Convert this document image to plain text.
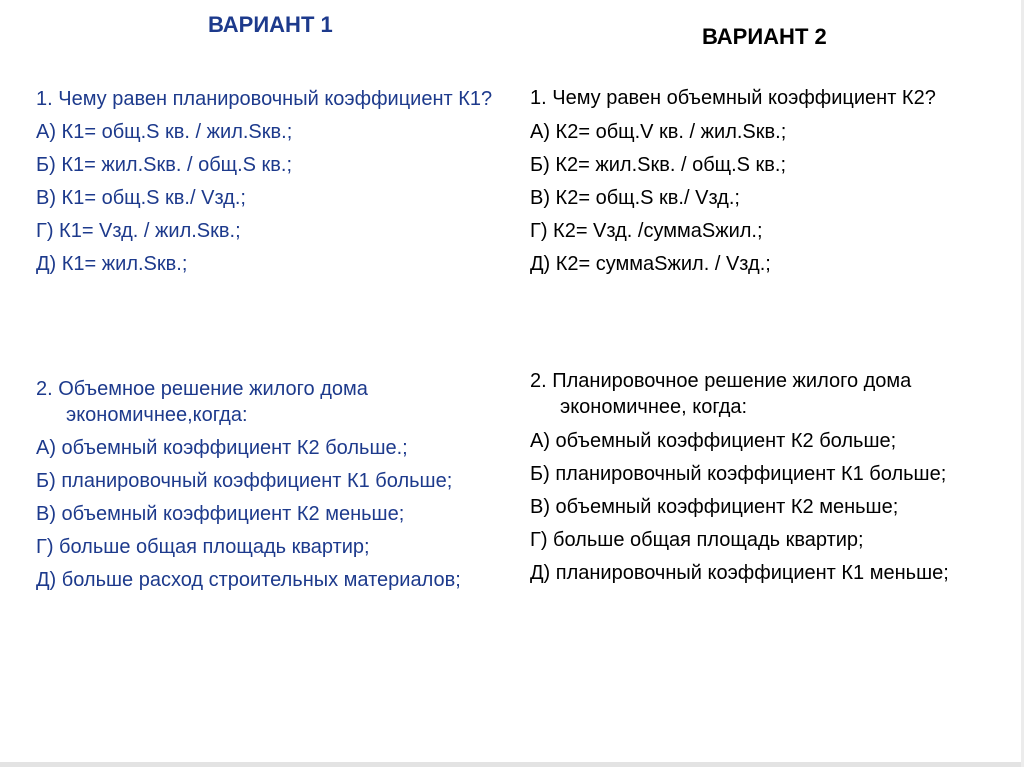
ВАРИАНТ 1
1. Чему равен планировочный коэффициент К1?
А) К1= общ.S кв. / жил.Sкв.;
Б) К1= жил.Sкв. / общ.S кв.;
В) К1= общ.S кв./ Vзд.;
Г) К1= Vзд. / жил.Sкв.;
Д) К1= жил.Sкв.;
2. Объемное решение жилого дома экономичнее,когда:
А) объемный коэффициент К2 больше.;
Б) планировочный коэффициент К1 больше;
В) объемный коэффициент К2 меньше;
Г) больше общая площадь квартир;
Д) больше расход строительных материалов;
ВАРИАНТ 2
1. Чему равен объемный коэффициент К2?
А) К2= общ.V кв. / жил.Sкв.;
Б) К2= жил.Sкв. / общ.S кв.;
В) К2= общ.S кв./ Vзд.;
Г) К2= Vзд. /суммаSжил.;
Д) К2= суммаSжил. / Vзд.;
2. Планировочное решение жилого дома экономичнее, когда:
А) объемный коэффициент К2 больше;
Б) планировочный коэффициент К1 больше;
В) объемный коэффициент К2 меньше;
Г) больше общая площадь квартир;
Д) планировочный коэффициент К1 меньше;
